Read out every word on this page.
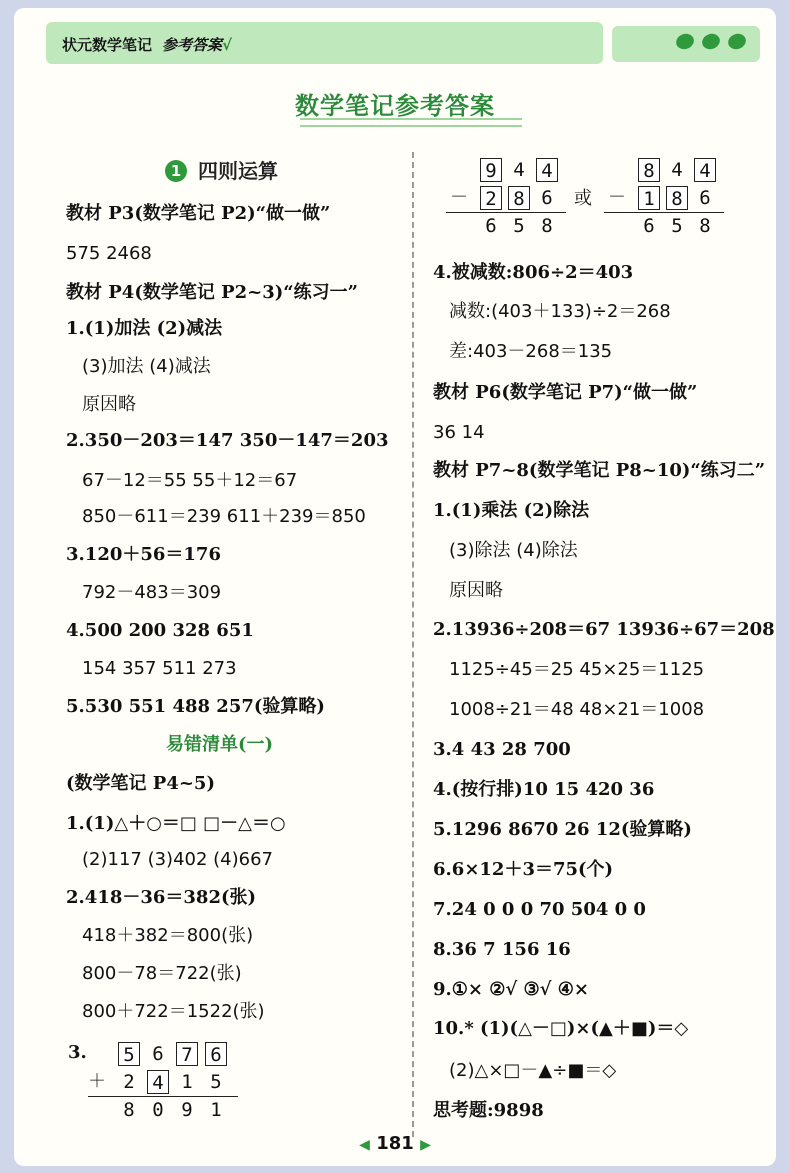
状元数学笔记 参考答案√
数学笔记参考答案
1 四则运算
教材 P3(数学笔记 P2)“做一做”
575 2468
教材 P4(数学笔记 P2~3)“练习一”
1.(1)加法 (2)减法
(3)加法 (4)减法
原因略
2.350－203＝147 350－147＝203
67－12＝55 55＋12＝67
850－611＝239 611＋239＝850
3.120＋56＝176
792－483＝309
4.500 200 328 651
154 357 511 273
5.530 551 488 257(验算略)
易错清单(一)
(数学笔记 P4~5)
1.(1)△＋○＝□ □－△＝○
(2)117 (3)402 (4)667
2.418－36＝382(张)
418＋382＝800(张)
800－78＝722(张)
800＋722＝1522(张)
4.被减数:806÷2＝403
减数:(403＋133)÷2＝268
差:403－268＝135
教材 P6(数学笔记 P7)“做一做”
36 14
教材 P7~8(数学笔记 P8~10)“练习二”
1.(1)乘法 (2)除法
(3)除法 (4)除法
原因略
2.13936÷208＝67 13936÷67＝208
1125÷45＝25 45×25＝1125
1008÷21＝48 48×21＝1008
3.4 43 28 700
4.(按行排)10 15 420 36
5.1296 8670 26 12(验算略)
6.6×12＋3＝75(个)
7.24 0 0 0 70 504 0 0
8.36 7 156 16
9.①× ②√ ③√ ④×
10.* (1)(△－□)×(▲＋■)＝◇
(2)△×□－▲÷■＝◇
思考题:9898
3. 5 6 7 6
2 4 1 5
8 0 9 1
＋
9 4 4
2 8 6
6 5 8
－	或
8 4 4
1 8 6
6 5 8
－
◀ 181 ▶
